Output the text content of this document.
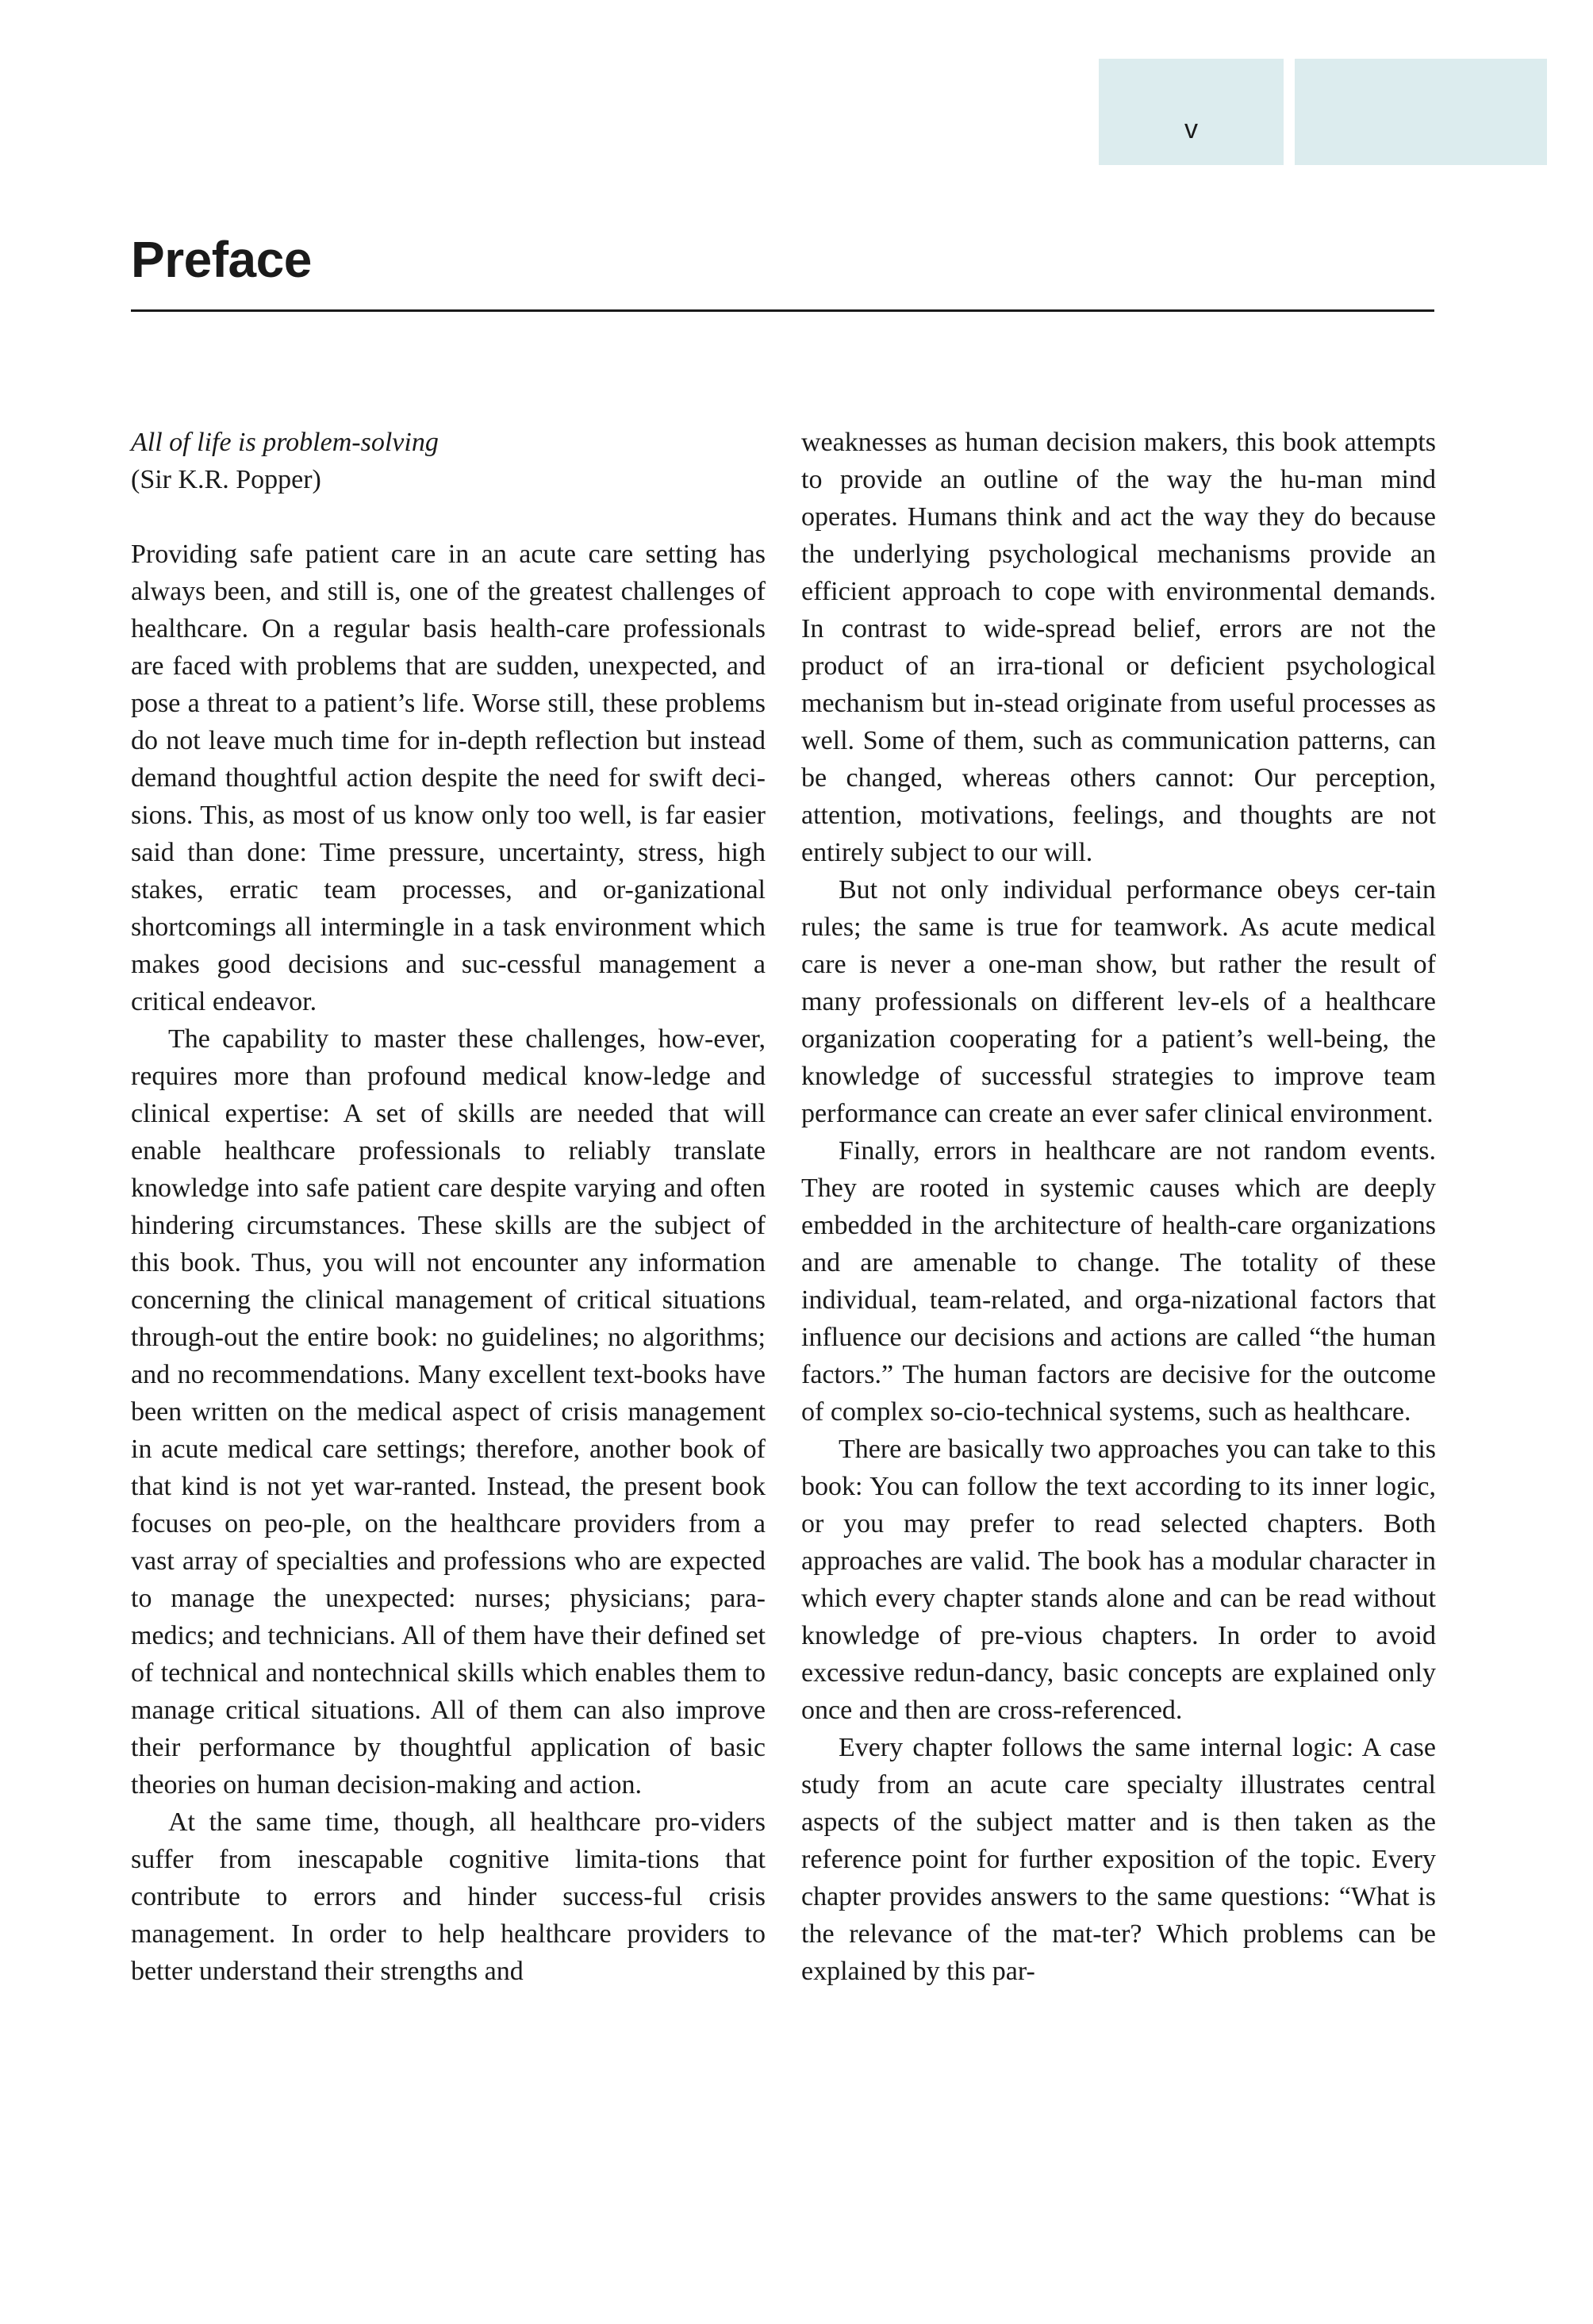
v
Preface

All of life is problem-solving

(Sir K.R. Popper)

Providing safe patient care in an acute care setting has always been, and still is, one of the greatest challenges of healthcare. On a regular basis health-care professionals are faced with problems that are sudden, unexpected, and pose a threat to a patient’s life. Worse still, these problems do not leave much time for in-depth reflection but instead demand thoughtful action despite the need for swift deci-sions. This, as most of us know only too well, is far easier said than done: Time pressure, uncertainty, stress, high stakes, erratic team processes, and or-ganizational shortcomings all intermingle in a task environment which makes good decisions and suc-cessful management a critical endeavor.

The capability to master these challenges, how-ever, requires more than profound medical know-ledge and clinical expertise: A set of skills are needed that will enable healthcare professionals to reliably translate knowledge into safe patient care despite varying and often hindering circumstances. These skills are the subject of this book. Thus, you will not encounter any information concerning the clinical management of critical situations through-out the entire book: no guidelines; no algorithms; and no recommendations. Many excellent text-books have been written on the medical aspect of crisis management in acute medical care settings; therefore, another book of that kind is not yet war-ranted. Instead, the present book focuses on peo-ple, on the healthcare providers from a vast array of specialties and professions who are expected to manage the unexpected: nurses; physicians; para-medics; and technicians. All of them have their defined set of technical and nontechnical skills which enables them to manage critical situations. All of them can also improve their performance by thoughtful application of basic theories on human decision-making and action.

At the same time, though, all healthcare pro-viders suffer from inescapable cognitive limita-tions that contribute to errors and hinder success-ful crisis management. In order to help healthcare providers to better understand their strengths and

weaknesses as human decision makers, this book attempts to provide an outline of the way the hu-man mind operates. Humans think and act the way they do because the underlying psychological mechanisms provide an efficient approach to cope with environmental demands. In contrast to wide-spread belief, errors are not the product of an irra-tional or deficient psychological mechanism but in-stead originate from useful processes as well. Some of them, such as communication patterns, can be changed, whereas others cannot: Our perception, attention, motivations, feelings, and thoughts are not entirely subject to our will.

But not only individual performance obeys cer-tain rules; the same is true for teamwork. As acute medical care is never a one-man show, but rather the result of many professionals on different lev-els of a healthcare organization cooperating for a patient’s well-being, the knowledge of successful strategies to improve team performance can create an ever safer clinical environment.

Finally, errors in healthcare are not random events. They are rooted in systemic causes which are deeply embedded in the architecture of health-care organizations and are amenable to change. The totality of these individual, team-related, and orga-nizational factors that influence our decisions and actions are called “the human factors.” The human factors are decisive for the outcome of complex so-cio-technical systems, such as healthcare.

There are basically two approaches you can take to this book: You can follow the text according to its inner logic, or you may prefer to read selected chapters. Both approaches are valid. The book has a modular character in which every chapter stands alone and can be read without knowledge of pre-vious chapters. In order to avoid excessive redun-dancy, basic concepts are explained only once and then are cross-referenced.

Every chapter follows the same internal logic: A case study from an acute care specialty illustrates central aspects of the subject matter and is then taken as the reference point for further exposition of the topic. Every chapter provides answers to the same questions: “What is the relevance of the mat-ter? Which problems can be explained by this par-
